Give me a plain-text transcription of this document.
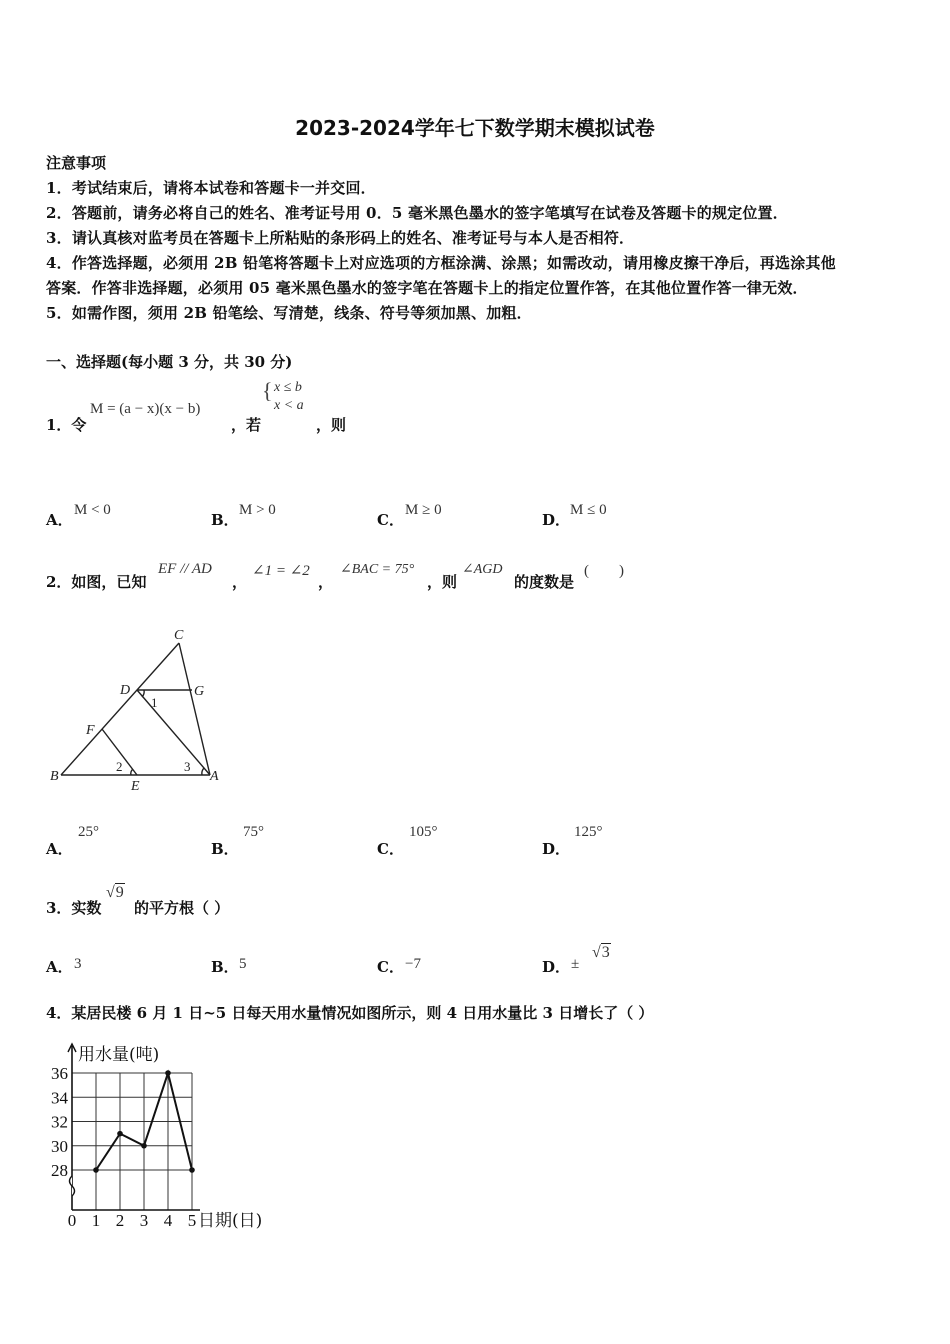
2023-2024学年七下数学期末模拟试卷
注意事项
1．考试结束后，请将本试卷和答题卡一并交回．
2．答题前，请务必将自己的姓名、准考证号用 0．5 毫米黑色墨水的签字笔填写在试卷及答题卡的规定位置．
3．请认真核对监考员在答题卡上所粘贴的条形码上的姓名、准考证号与本人是否相符．
4．作答选择题，必须用 2B 铅笔将答题卡上对应选项的方框涂满、涂黑；如需改动，请用橡皮擦干净后，再选涂其他
答案．作答非选择题，必须用 05 毫米黑色墨水的签字笔在答题卡上的指定位置作答，在其他位置作答一律无效．
5．如需作图，须用 2B 铅笔绘、写清楚，线条、符号等须加黑、加粗．
一、选择题(每小题 3 分，共 30 分)
1．令
M = (a − x)(x − b)
，若
{ x ≤ b
x < a
，则
A．
M < 0
B．
M > 0
C．
M ≥ 0
D．
M ≤ 0
2．如图，已知
EF // AD
，
∠1 = ∠2
，
∠BAC = 75°
，则
∠AGD
的度数是
(　　)
C
D	G
F
B
E
A
1
2	3
A．
25°
B．
75°
C．
105°
D．
125°
3．实数
√9
的平方根（ ）
A． 3	B． 5	C． −7	D． ±
√3
4．某居民楼 6 月 1 日~5 日每天用水量情况如图所示，则 4 日用水量比 3 日增长了（ ）
28
30
32
34
36
0 1 2 3 4 5
用水量(吨)
日期(日)
